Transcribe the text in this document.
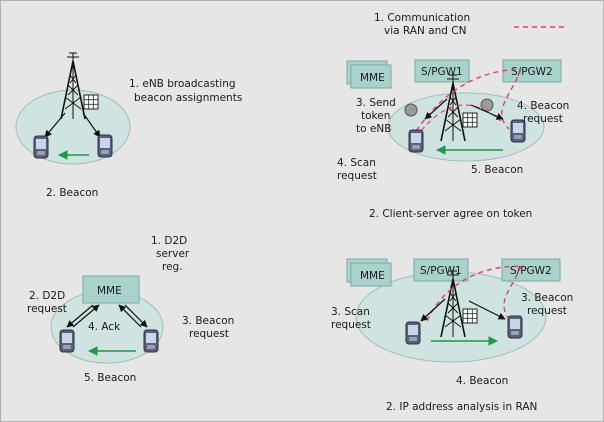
1. eNB broadcasting
beacon assignments
2. Beacon
1. Communication
via RAN and CN
MME	S/PGW1	S/PGW2
3. Send
token
to eNB
4. Beacon
request
4. Scan
request	5. Beacon
2. Client-server agree on token
MME
1. D2D
server
reg.
2. D2D
request
4. Ack	3. Beacon
request
5. Beacon
MME	S/PGW1	S/PGW2
3. Scan
request
3. Beacon
request
4. Beacon
2. IP address analysis in RAN
